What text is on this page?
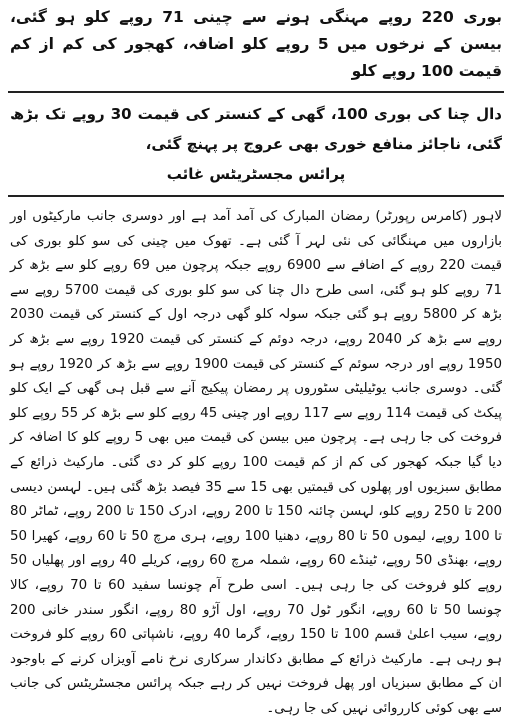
بوری 220 روپے مہنگی ہونے سے چینی 71 روپے کلو ہو گئی، بیسن کے نرخوں میں 5 روپے کلو اضافہ، کھجور کی کم از کم قیمت 100 روپے کلو

دال چنا کی بوری 100، گھی کے کنستر کی قیمت 30 روپے تک بڑھ گئی، ناجائز منافع خوری بھی عروج پر پہنچ گئی،

پرائس مجسٹریٹس غائب

لاہور (کامرس رپورٹر) رمضان المبارک کی آمد آمد ہے اور دوسری جانب مارکیٹوں اور بازاروں میں مہنگائی کی نئی لہر آ گئی ہے۔ تھوک میں چینی کی سو کلو بوری کی قیمت 220 روپے کے اضافے سے 6900 روپے جبکہ پرچون میں 69 روپے کلو سے بڑھ کر 71 روپے کلو ہو گئی، اسی طرح دال چنا کی سو کلو بوری کی قیمت 5700 روپے سے بڑھ کر 5800 روپے ہو گئی جبکہ سولہ کلو گھی درجہ اول کے کنستر کی قیمت 2030 روپے سے بڑھ کر 2040 روپے، درجہ دوئم کے کنستر کی قیمت 1920 روپے سے بڑھ کر 1950 روپے اور درجہ سوئم کے کنستر کی قیمت 1900 روپے سے بڑھ کر 1920 روپے ہو گئی۔ دوسری جانب یوٹیلیٹی سٹوروں پر رمضان پیکیج آنے سے قبل ہی گھی کے ایک کلو پیکٹ کی قیمت 114 روپے سے 117 روپے اور چینی 45 روپے کلو سے بڑھ کر 55 روپے کلو فروخت کی جا رہی ہے۔ پرچون میں بیسن کی قیمت میں بھی 5 روپے کلو کا اضافہ کر دیا گیا جبکہ کھجور کی کم از کم قیمت 100 روپے کلو کر دی گئی۔ مارکیٹ ذرائع کے مطابق سبزیوں اور پھلوں کی قیمتیں بھی 15 سے 35 فیصد بڑھ گئی ہیں۔ لہسن دیسی 200 تا 250 روپے کلو، لہسن چائنہ 150 تا 200 روپے، ادرک 150 تا 200 روپے، ٹماٹر 80 تا 100 روپے، لیموں 50 تا 80 روپے، دھنیا 100 روپے، ہری مرچ 50 تا 60 روپے، کھیرا 50 روپے، بھنڈی 50 روپے، ٹینڈے 60 روپے، شملہ مرچ 60 روپے، کریلے 40 روپے اور پھلیاں 50 روپے کلو فروخت کی جا رہی ہیں۔ اسی طرح آم چونسا سفید 60 تا 70 روپے، کالا چونسا 50 تا 60 روپے، انگور ٹول 70 روپے، اول آڑو 80 روپے، انگور سندر خانی 200 روپے، سیب اعلیٰ قسم 100 تا 150 روپے، گرما 40 روپے، ناشپاتی 60 روپے کلو فروخت ہو رہی ہے۔ مارکیٹ ذرائع کے مطابق دکاندار سرکاری نرخ نامے آویزاں کرنے کے باوجود ان کے مطابق سبزیاں اور پھل فروخت نہیں کر رہے جبکہ پرائس مجسٹریٹس کی جانب سے بھی کوئی کارروائی نہیں کی جا رہی۔
